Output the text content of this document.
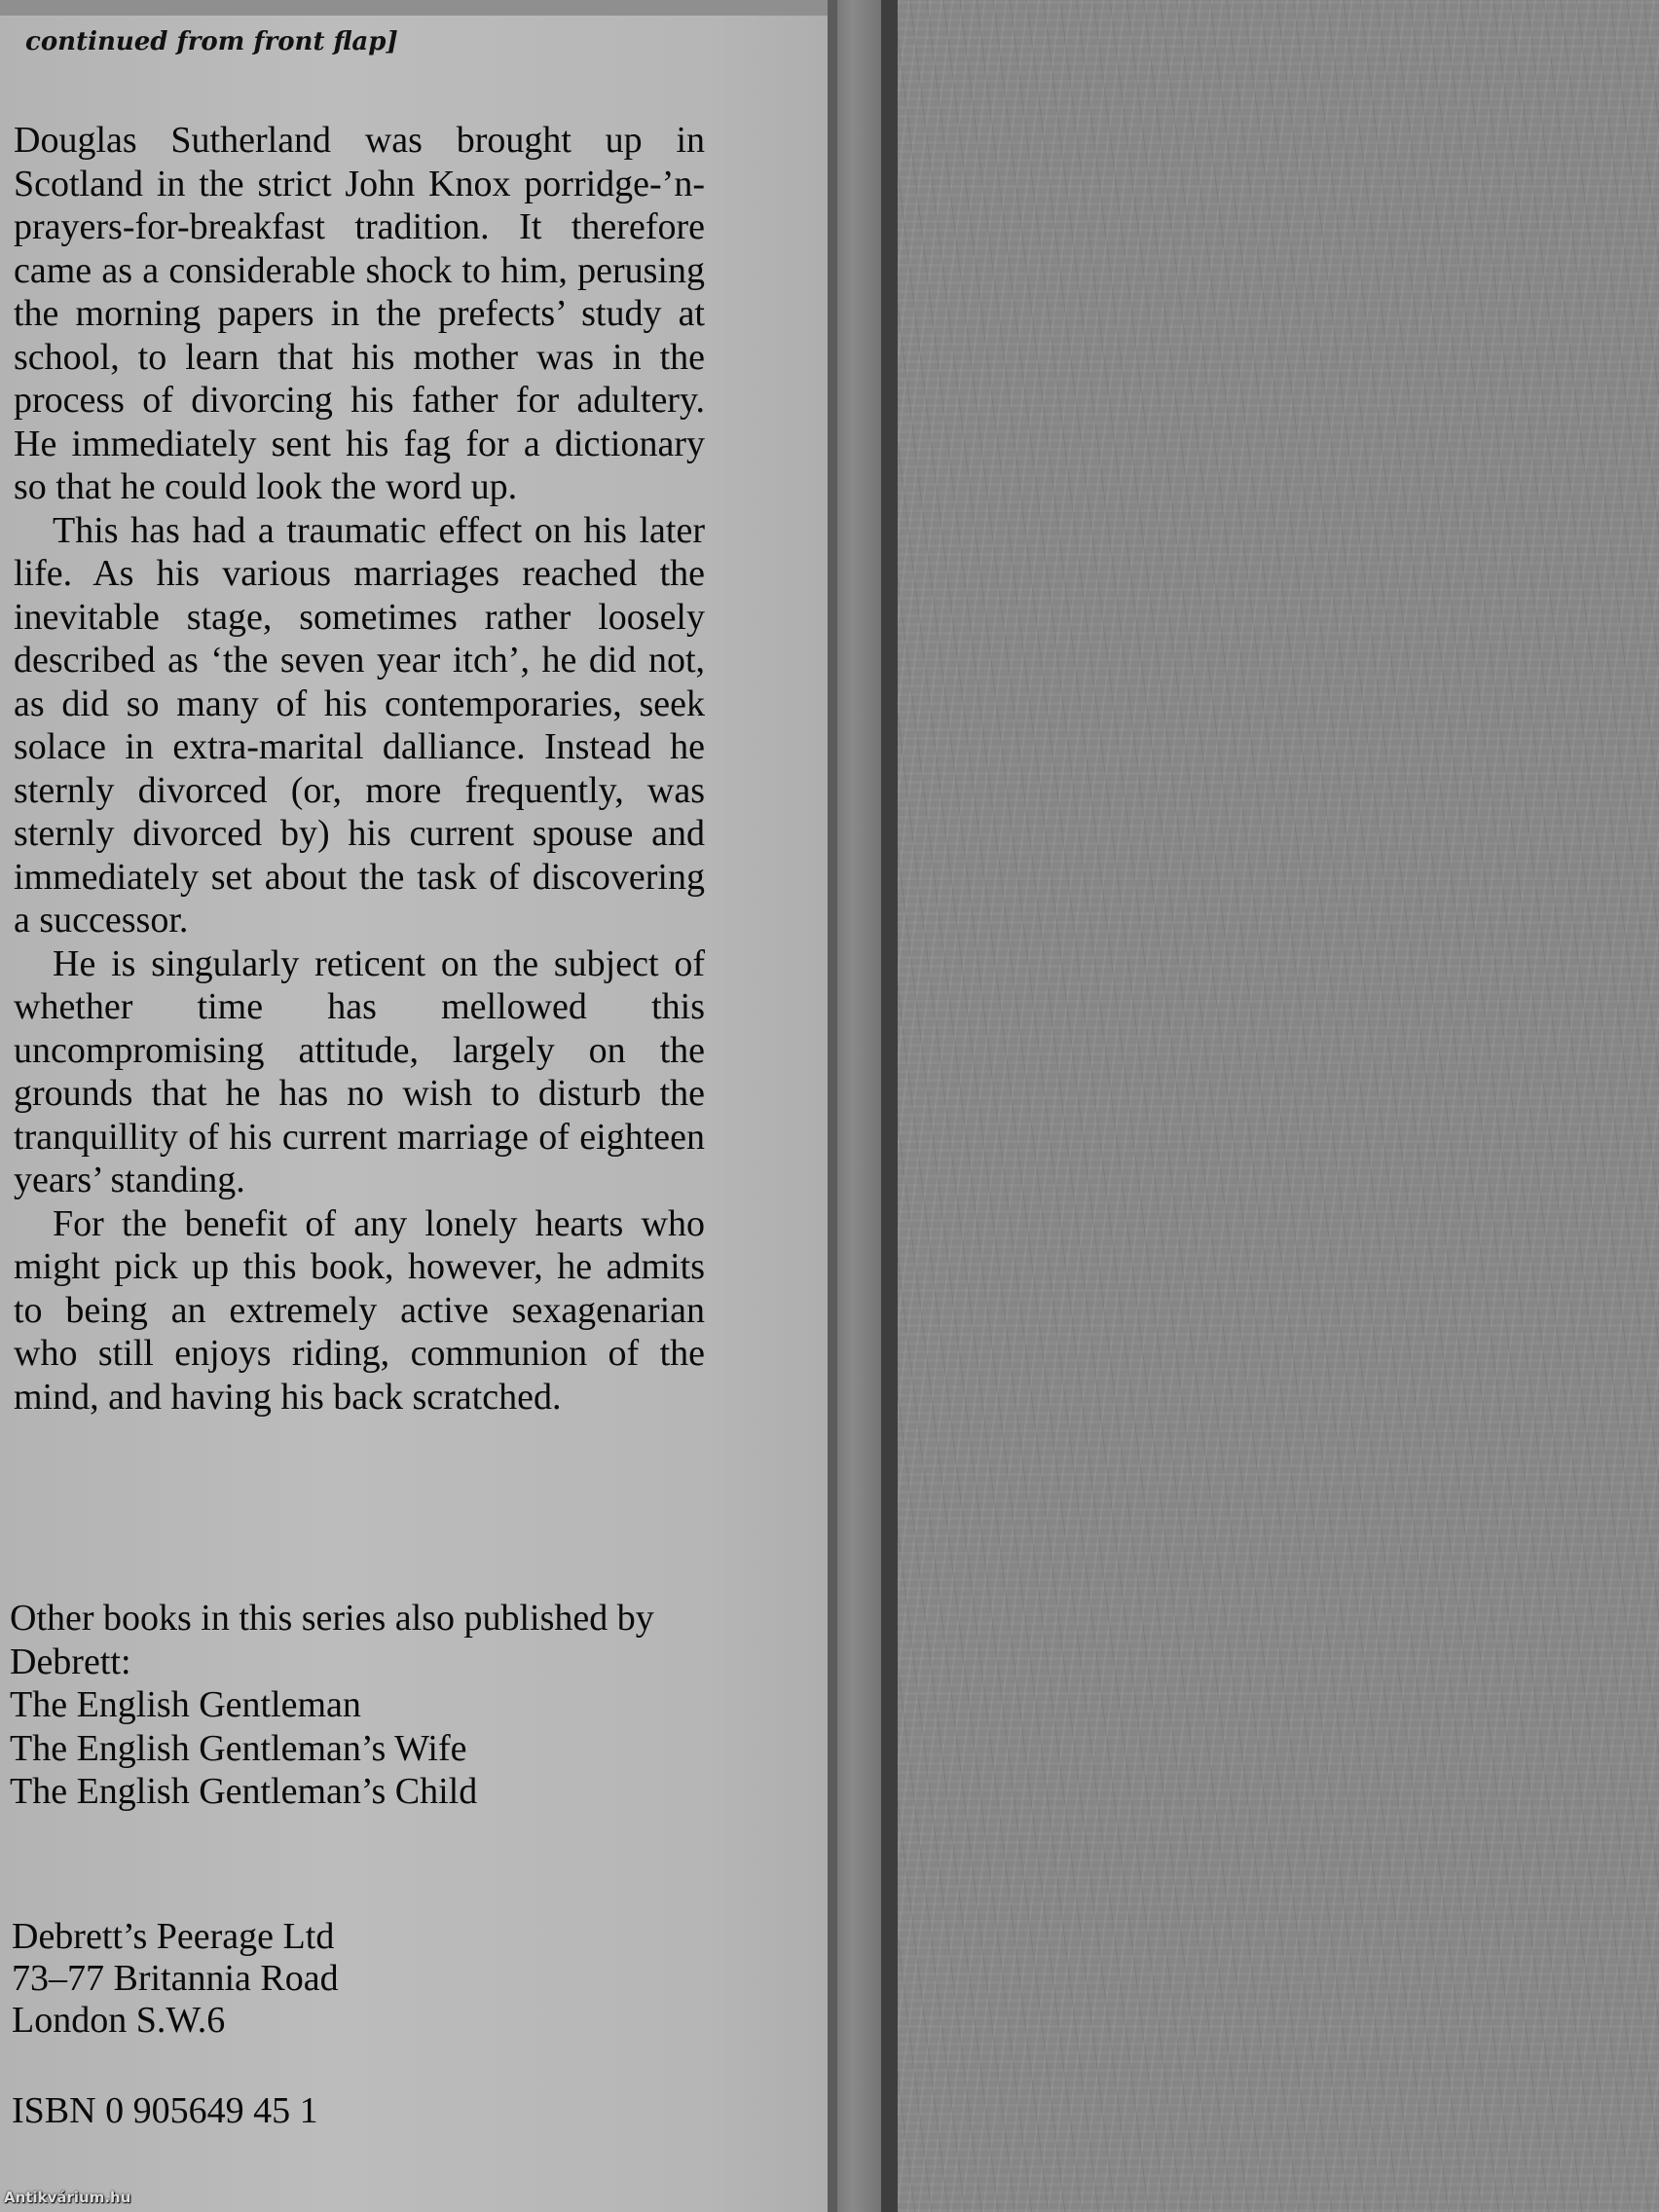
continued from front flap]

Douglas Sutherland was brought up in Scotland in the strict John Knox porridge-’n-prayers-for-breakfast tradition. It therefore came as a considerable shock to him, perusing the morning papers in the prefects’ study at school, to learn that his mother was in the process of divorcing his father for adultery. He immediately sent his fag for a dictionary so that he could look the word up.

This has had a traumatic effect on his later life. As his various marriages reached the inevitable stage, sometimes rather loosely described as ‘the seven year itch’, he did not, as did so many of his contemporaries, seek solace in extra-marital dalliance. Instead he sternly divorced (or, more frequently, was sternly divorced by) his current spouse and immediately set about the task of discovering a successor.

He is singularly reticent on the subject of whether time has mellowed this uncompromising attitude, largely on the grounds that he has no wish to disturb the tranquillity of his current marriage of eighteen years’ standing.

For the benefit of any lonely hearts who might pick up this book, however, he admits to being an extremely active sexagenarian who still enjoys riding, communion of the mind, and having his back scratched.

Other books in this series also published by Debrett:

The English Gentleman
The English Gentleman’s Wife
The English Gentleman’s Child
Debrett’s Peerage Ltd
73–77 Britannia Road
London S.W.6

ISBN 0 905649 45 1

Antikvárium.hu
